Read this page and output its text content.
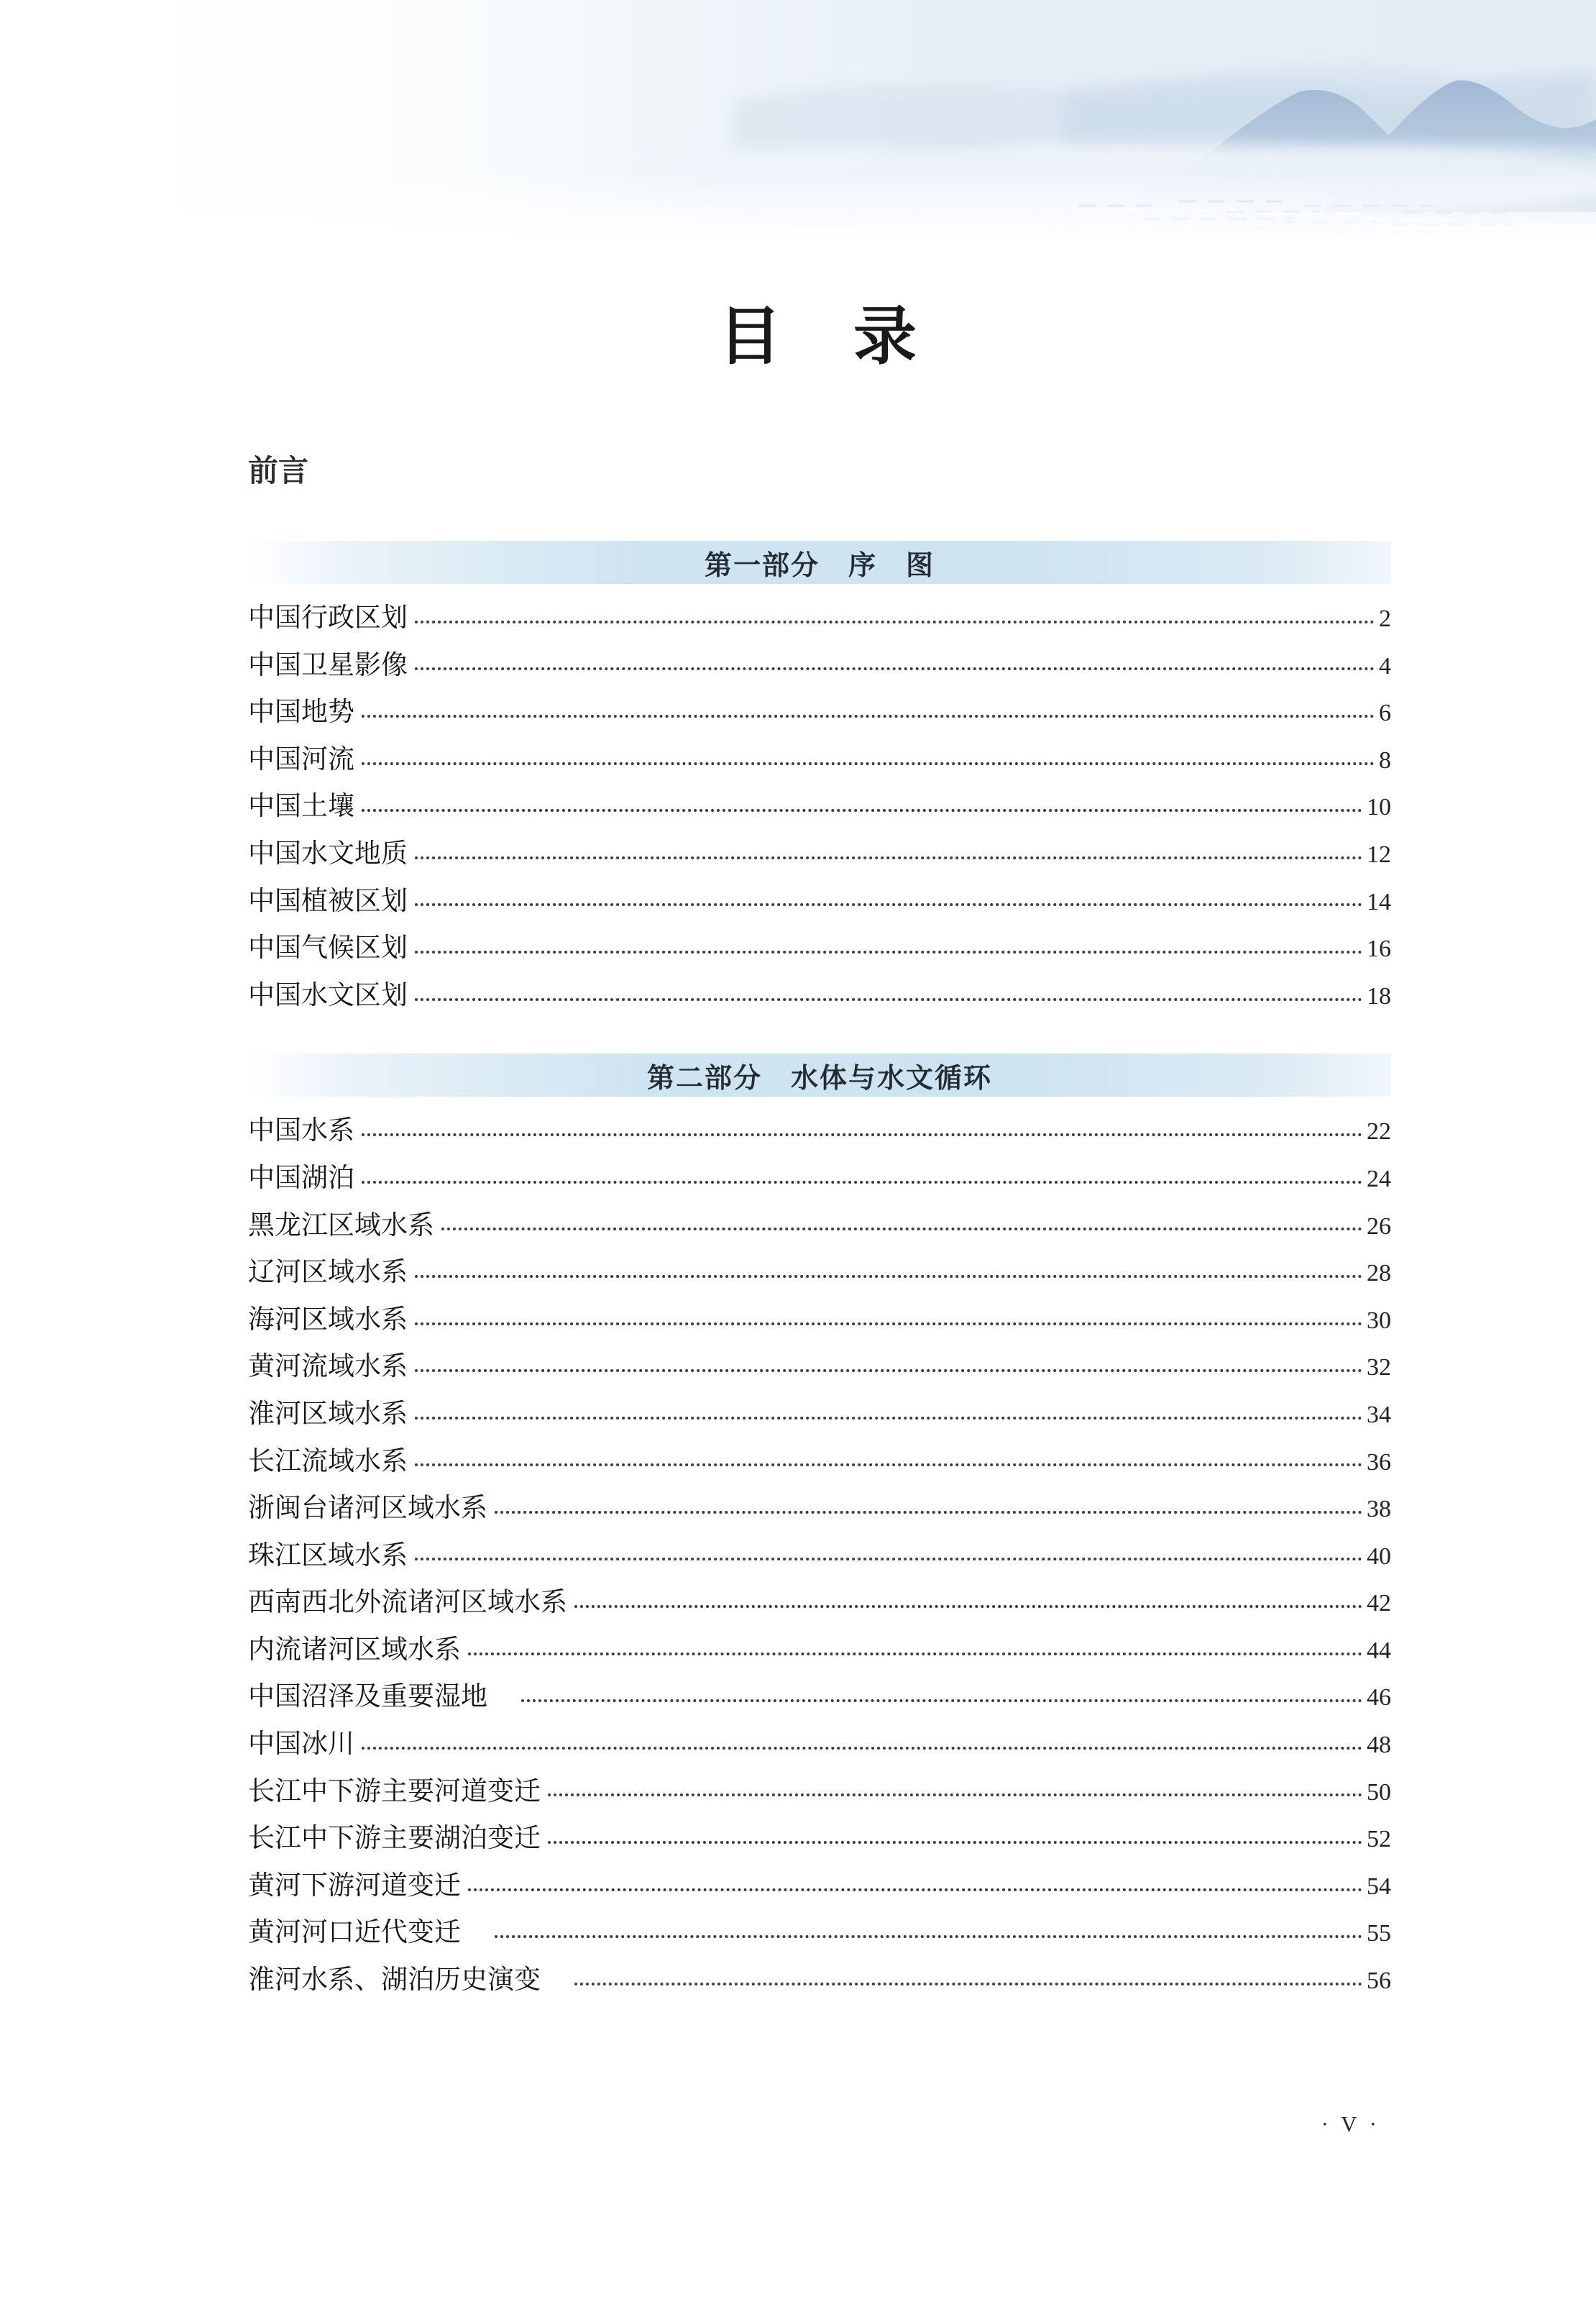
目　录
前言
第一部分　序　图
中国行政区划	2
中国卫星影像	4
中国地势	6
中国河流	8
中国土壤	10
中国水文地质	12
中国植被区划	14
中国气候区划	16
中国水文区划	18
第二部分　水体与水文循环
中国水系	22
中国湖泊	24
黑龙江区域水系	26
辽河区域水系	28
海河区域水系	30
黄河流域水系	32
淮河区域水系	34
长江流域水系	36
浙闽台诸河区域水系	38
珠江区域水系	40
西南西北外流诸河区域水系	42
内流诸河区域水系	44
中国沼泽及重要湿地　	46
中国冰川	48
长江中下游主要河道变迁	50
长江中下游主要湖泊变迁	52
黄河下游河道变迁	54
黄河河口近代变迁　	55
淮河水系、湖泊历史演变　	56
· V ·
